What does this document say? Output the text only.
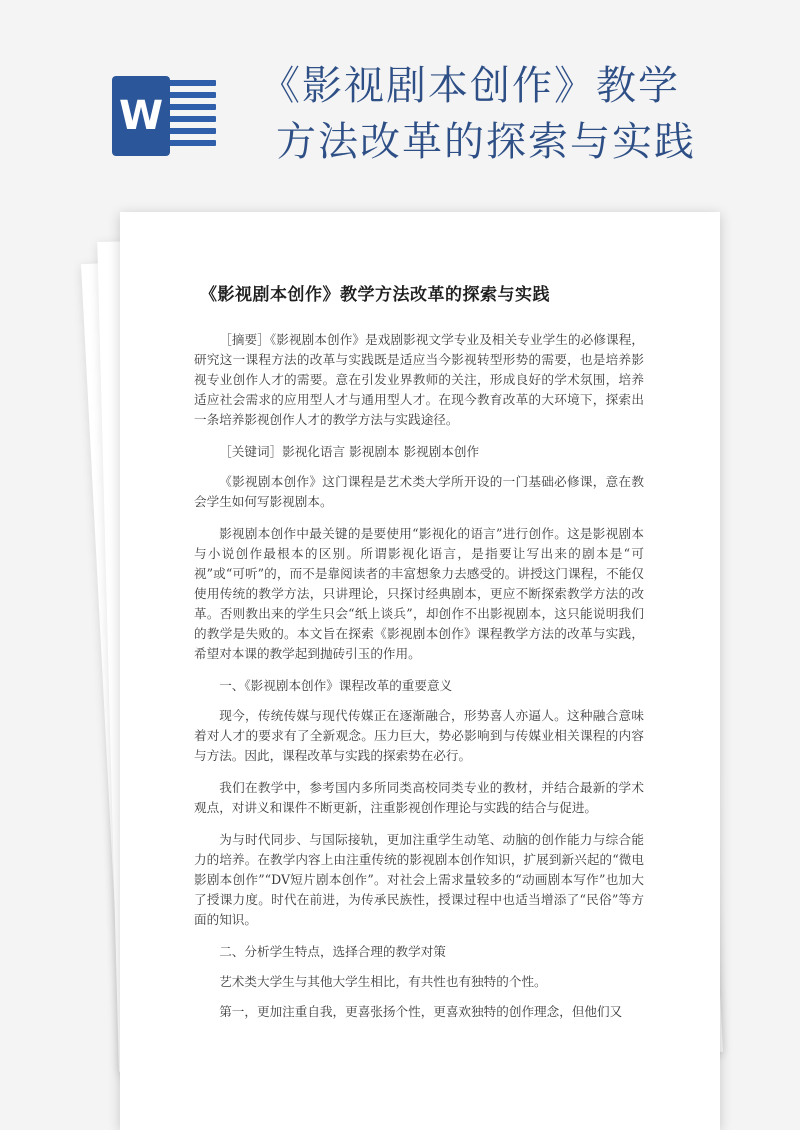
W
《影视剧本创作》教学
方法改革的探索与实践
《影视剧本创作》教学方法改革的探索与实践

［摘要］《影视剧本创作》是戏剧影视文学专业及相关专业学生的必修课程，研究这一课程方法的改革与实践既是适应当今影视转型形势的需要，也是培养影视专业创作人才的需要。意在引发业界教师的关注，形成良好的学术氛围，培养适应社会需求的应用型人才与通用型人才。在现今教育改革的大环境下，探索出一条培养影视创作人才的教学方法与实践途径。

［关键词］影视化语言 影视剧本 影视剧本创作

《影视剧本创作》这门课程是艺术类大学所开设的一门基础必修课，意在教会学生如何写影视剧本。

影视剧本创作中最关键的是要使用“影视化的语言”进行创作。这是影视剧本与小说创作最根本的区别。所谓影视化语言，是指要让写出来的剧本是“可视”或“可听”的，而不是靠阅读者的丰富想象力去感受的。讲授这门课程，不能仅使用传统的教学方法，只讲理论，只探讨经典剧本，更应不断探索教学方法的改革。否则教出来的学生只会“纸上谈兵”，却创作不出影视剧本，这只能说明我们的教学是失败的。本文旨在探索《影视剧本创作》课程教学方法的改革与实践，希望对本课的教学起到抛砖引玉的作用。

一、《影视剧本创作》课程改革的重要意义

现今，传统传媒与现代传媒正在逐渐融合，形势喜人亦逼人。这种融合意味着对人才的要求有了全新观念。压力巨大，势必影响到与传媒业相关课程的内容与方法。因此，课程改革与实践的探索势在必行。

我们在教学中，参考国内多所同类高校同类专业的教材，并结合最新的学术观点，对讲义和课件不断更新，注重影视创作理论与实践的结合与促进。

为与时代同步、与国际接轨，更加注重学生动笔、动脑的创作能力与综合能力的培养。在教学内容上由注重传统的影视剧本创作知识，扩展到新兴起的“微电影剧本创作”“DV短片剧本创作”。对社会上需求量较多的“动画剧本写作”也加大了授课力度。时代在前进，为传承民族性，授课过程中也适当增添了“民俗”等方面的知识。

二、分析学生特点，选择合理的教学对策

艺术类大学生与其他大学生相比，有共性也有独特的个性。

第一，更加注重自我，更喜张扬个性，更喜欢独特的创作理念，但他们又
